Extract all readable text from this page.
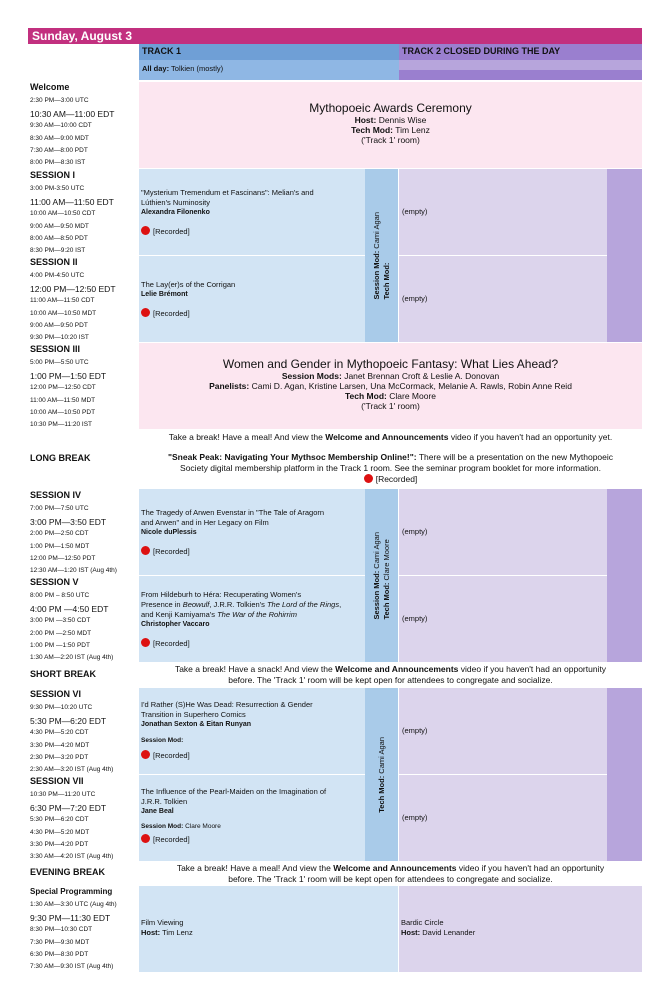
Sunday, August 3
TRACK 1	TRACK 2 CLOSED DURING THE DAY
All day: Tolkien (mostly)
Welcome
2:30 PM—3:00 UTC
10:30 AM—11:00 EDT
9:30 AM—10:00 CDT
8:30 AM—9:00 MDT
7:30 AM—8:00 PDT
8:00 PM—8:30 IST
SESSION I
3:00 PM-3:50 UTC
11:00 AM—11:50 EDT
10:00 AM—10:50 CDT
9:00 AM—9:50 MDT
8:00 AM—8:50 PDT
8:30 PM—9:20 IST
SESSION II
4:00 PM-4:50 UTC
12:00 PM—12:50 EDT
11:00 AM—11:50 CDT
10:00 AM—10:50 MDT
9:00 AM—9:50 PDT
9:30 PM—10:20 IST
SESSION III
5:00 PM—5:50 UTC
1:00 PM—1:50 EDT
12:00 PM—12:50 CDT
11:00 AM—11:50 MDT
10:00 AM—10:50 PDT
10:30 PM—11:20 IST
LONG BREAK
SESSION IV
7:00 PM—7:50 UTC
3:00 PM—3:50 EDT
2:00 PM—2:50 CDT
1:00 PM—1:50 MDT
12:00 PM—12:50 PDT
12:30 AM—1:20 IST (Aug 4th)
SESSION V
8:00 PM – 8:50 UTC
4:00 PM —4:50 EDT
3:00 PM —3:50 CDT
2:00 PM —2:50 MDT
1:00 PM —1:50 PDT
1:30 AM—2:20 IST (Aug 4th)
SHORT BREAK
SESSION VI
9:30 PM—10:20 UTC
5:30 PM—6:20 EDT
4:30 PM—5:20 CDT
3:30 PM—4:20 MDT
2:30 PM—3:20 PDT
2:30 AM—3:20 IST (Aug 4th)
SESSION VII
10:30 PM—11:20 UTC
6:30 PM—7:20 EDT
5:30 PM—6:20 CDT
4:30 PM—5:20 MDT
3:30 PM—4:20 PDT
3:30 AM—4:20 IST (Aug 4th)
EVENING BREAK
Special Programming
1:30 AM—3:30 UTC (Aug 4th)
9:30 PM—11:30 EDT
8:30 PM—10:30 CDT
7:30 PM—9:30 MDT
6:30 PM—8:30 PDT
7:30 AM—9:30 IST (Aug 4th)
Mythopoeic Awards Ceremony
Host: Dennis Wise
Tech Mod: Tim Lenz
('Track 1' room)
"Mysterium Tremendum et Fascinans": Melian's and
Lúthien's Numinosity
Alexandra Filonenko
[Recorded]
The Lay(er)s of the Corrigan
Lelie Brémont
[Recorded]
Session Mod: Cami Agan
Tech Mod:
(empty)
(empty)
Women and Gender in Mythopoeic Fantasy: What Lies Ahead?
Session Mods: Janet Brennan Croft & Leslie A. Donovan
Panelists: Cami D. Agan, Kristine Larsen, Una McCormack, Melanie A. Rawls, Robin Anne Reid
Tech Mod: Clare Moore
('Track 1' room)
Take a break! Have a meal! And view the Welcome and Announcements video if you haven't had an opportunity yet.
"Sneak Peak: Navigating Your Mythsoc Membership Online!": There will be a presentation on the new Mythopoeic
Society digital membership platform in the Track 1 room. See the seminar program booklet for more information.
[Recorded]
The Tragedy of Arwen Evenstar in "The Tale of Aragorn
and Arwen" and in Her Legacy on Film
Nicole duPlessis
[Recorded]
From Hildeburh to Héra: Recuperating Women's
Presence in Beowulf, J.R.R. Tolkien's The Lord of the Rings,
and Kenji Kamiyama's The War of the Rohirrim
Christopher Vaccaro
[Recorded]
Session Mod: Cami Agan
Tech Mod: Clare Moore
(empty)
(empty)
Take a break! Have a snack! And view the Welcome and Announcements video if you haven't had an opportunity
before. The 'Track 1' room will be kept open for attendees to congregate and socialize.
I'd Rather (S)He Was Dead: Resurrection & Gender
Transition in Superhero Comics
Jonathan Sexton & Eitan Runyan
Session Mod:
[Recorded]
The Influence of the Pearl-Maiden on the Imagination of
J.R.R. Tolkien
Jane Beal
Session Mod: Clare Moore
[Recorded]
Tech Mod: Cami Agan
(empty)
(empty)
Take a break! Have a meal! And view the Welcome and Announcements video if you haven't had an opportunity
before. The 'Track 1' room will be kept open for attendees to congregate and socialize.
Film Viewing
Host: Tim Lenz
Bardic Circle
Host: David Lenander
